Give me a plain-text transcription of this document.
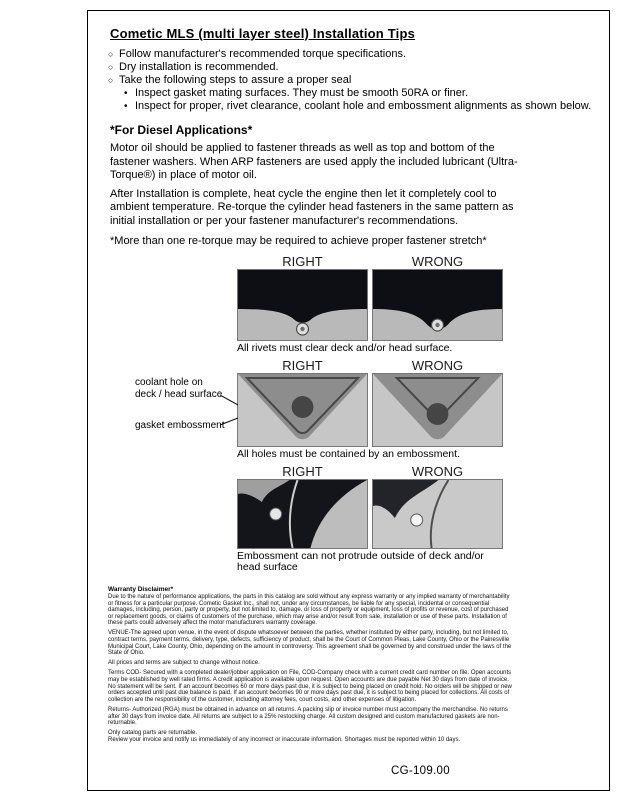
Cometic MLS (multi layer steel) Installation Tips
○ Follow manufacturer's recommended torque specifications.
○ Dry installation is recommended.
○ Take the following steps to assure a proper seal
• Inspect gasket mating surfaces. They must be smooth 50RA or finer.
• Inspect for proper, rivet clearance, coolant hole and embossment alignments as shown below.
*For Diesel Applications*

Motor oil should be applied to fastener threads as well as top and bottom of the fastener washers. When ARP fasteners are used apply the included lubricant (Ultra-Torque®) in place of motor oil.

After Installation is complete, heat cycle the engine then let it completely cool to ambient temperature. Re-torque the cylinder head fasteners in the same pattern as initial installation or per your fastener manufacturer's recommendations.

*More than one re-torque may be required to achieve proper fastener stretch*

RIGHT	WRONG
All rivets must clear deck and/or head surface.
RIGHT	WRONG
coolant hole on deck / head surface
gasket embossment
All holes must be contained by an embossment.
RIGHT	WRONG
Embossment can not protrude outside of deck and/or head surface
Warranty Disclaimer*

Due to the nature of performance applications, the parts in this catalog are sold without any express warranty or any implied warranty of merchantability or fitness for a particular purpose. Cometic Gasket Inc., shall not, under any circumstances, be liable for any special, incidental or consequential damages, including, person, party or property, but not limited to, damage, or loss of property or equipment, loss of profits or revenue, cost of purchased or replacement goods, or claims of customers of the purchase, which may arise and/or result from sale, installation or use of these parts. Installation of these parts could adversely affect the motor manufacturers warranty coverage.

VENUE-The agreed upon venue, in the event of dispute whatsoever between the parties, whether instituted by either party, including, but not limited to, contract terms, payment terms, delivery, type, defects, sufficiency of product, shall be the Court of Common Pleas, Lake County, Ohio or the Painesville Municipal Court, Lake County, Ohio, depending on the amount in controversy. This agreement shall be governed by and construed under the laws of the State of Ohio.

All prices and terms are subject to change without notice.

Terms COD- Secured with a completed dealer/jobber application on File, COD-Company check with a current credit card number on file. Open accounts may be established by well rated firms. A credit application is available upon request. Open accounts are due payable Net 30 days from date of invoice. No statement will be sent. If an account becomes 60 or more days past due, it is subject to being placed on credit hold. No orders will be shipped or new orders accepted until past due balance is paid. If an account becomes 90 or more days past due, it is subject to being placed for collections. All costs of collection are the responsibility of the customer, including attorney fees, court costs, and other expenses of litigation.

Returns- Authorized (RGA) must be obtained in advance on all returns. A packing slip or invoice number must accompany the merchandise. No returns after 30 days from invoice date. All returns are subject to a 25% restocking charge. All custom designed and custom manufactured gaskets are non-returnable.

Only catalog parts are returnable.

Review your invoice and notify us immediately of any incorrect or inaccurate information. Shortages must be reported within 10 days.

CG-109.00
